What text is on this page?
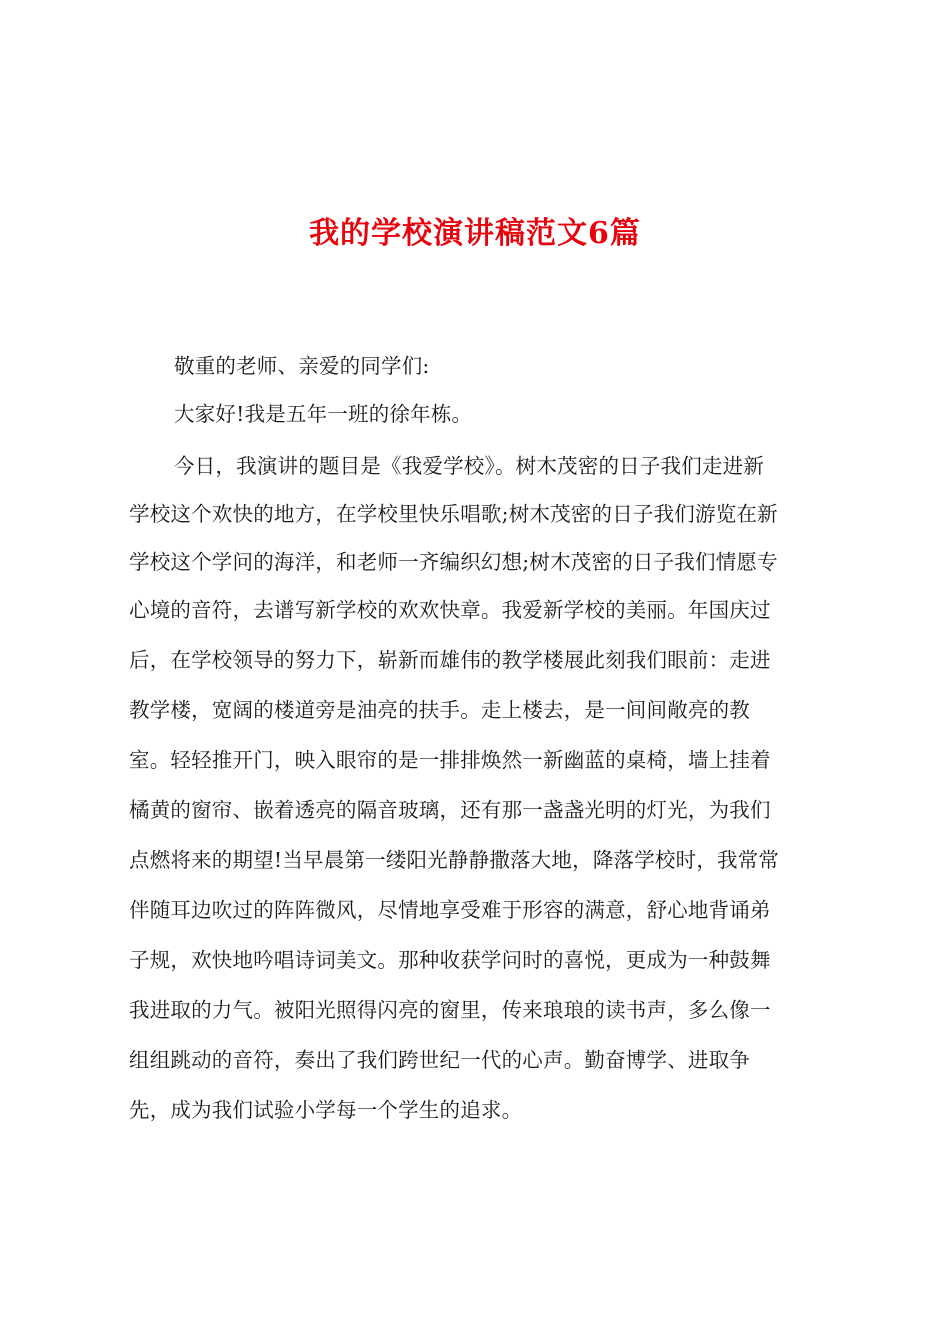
我的学校演讲稿范文6篇
敬重的老师、亲爱的同学们:
大家好!我是五年一班的徐年栋。
今日，我演讲的题目是《我爱学校》。树木茂密的日子我们走进新
学校这个欢快的地方，在学校里快乐唱歌;树木茂密的日子我们游览在新
学校这个学问的海洋，和老师一齐编织幻想;树木茂密的日子我们情愿专
心境的音符，去谱写新学校的欢欢快章。我爱新学校的美丽。年国庆过
后，在学校领导的努力下，崭新而雄伟的教学楼展此刻我们眼前：走进
教学楼，宽阔的楼道旁是油亮的扶手。走上楼去，是一间间敞亮的教
室。轻轻推开门，映入眼帘的是一排排焕然一新幽蓝的桌椅，墙上挂着
橘黄的窗帘、嵌着透亮的隔音玻璃，还有那一盏盏光明的灯光，为我们
点燃将来的期望!当早晨第一缕阳光静静撒落大地，降落学校时，我常常
伴随耳边吹过的阵阵微风，尽情地享受难于形容的满意，舒心地背诵弟
子规，欢快地吟唱诗词美文。那种收获学问时的喜悦，更成为一种鼓舞
我进取的力气。被阳光照得闪亮的窗里，传来琅琅的读书声，多么像一
组组跳动的音符，奏出了我们跨世纪一代的心声。勤奋博学、进取争
先，成为我们试验小学每一个学生的追求。
